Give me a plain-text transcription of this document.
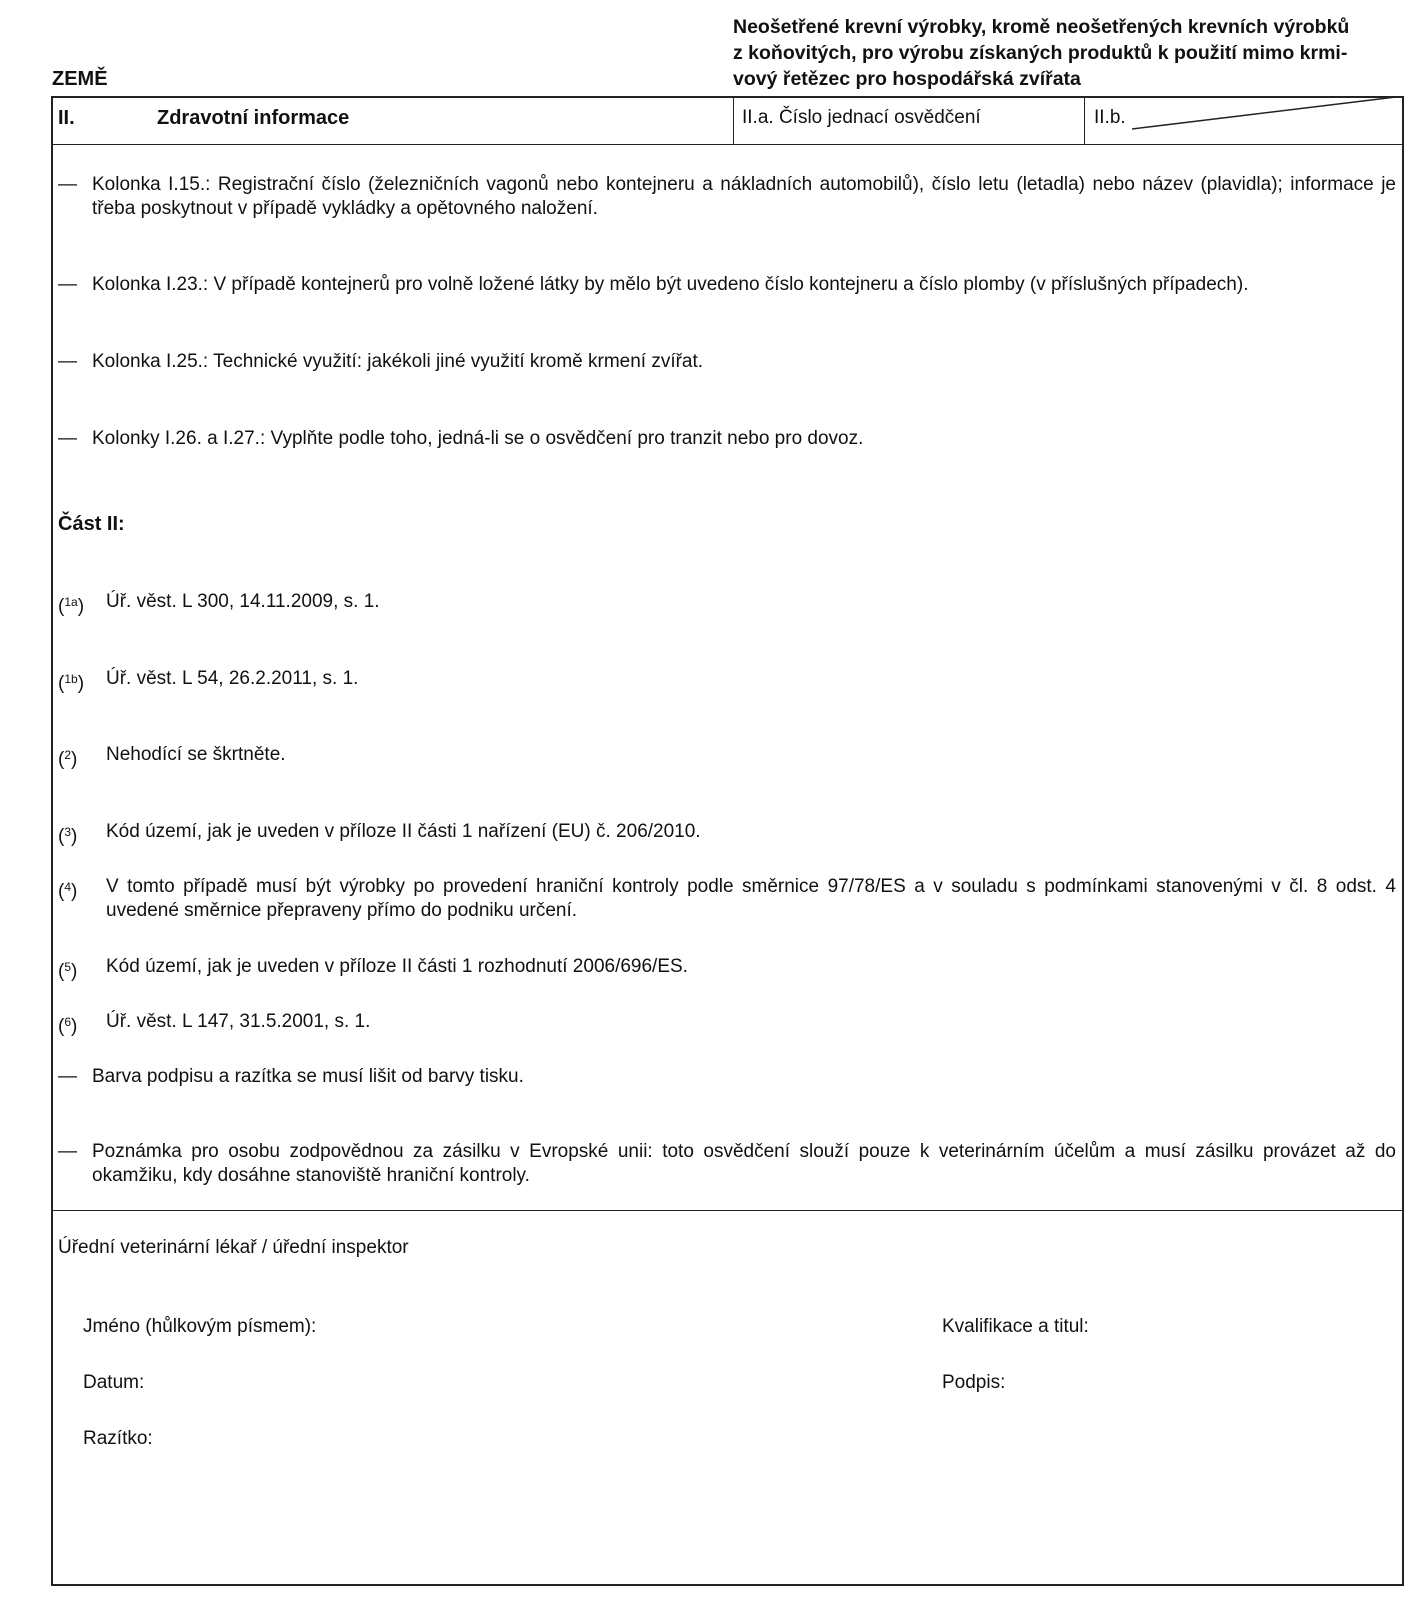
ZEMĚ
Neošetřené krevní výrobky, kromě neošetřených krevních výrobků
z koňovitých, pro výrobu získaných produktů k použití mimo krmi-
vový řetězec pro hospodářská zvířata
II.	Zdravotní informace	II.a. Číslo jednací osvědčení	II.b.
— Kolonka I.15.: Registrační číslo (železničních vagonů nebo kontejneru a nákladních automobilů), číslo letu (letadla) nebo název (plavidla); informace je třeba poskytnout v případě vykládky a opětovného naložení.
— Kolonka I.23.: V případě kontejnerů pro volně ložené látky by mělo být uvedeno číslo kontejneru a číslo plomby (v příslušných případech).
— Kolonka I.25.: Technické využití: jakékoli jiné využití kromě krmení zvířat.
— Kolonky I.26. a I.27.: Vyplňte podle toho, jedná-li se o osvědčení pro tranzit nebo pro dovoz.
Část II:
($^{1a}$) Úř. věst. L 300, 14.11.2009, s. 1.
($^{1b}$) Úř. věst. L 54, 26.2.2011, s. 1.
($^2$) Nehodící se škrtněte.
($^3$) Kód území, jak je uveden v příloze II části 1 nařízení (EU) č. 206/2010.
($^4$) V tomto případě musí být výrobky po provedení hraniční kontroly podle směrnice 97/78/ES a v souladu s podmínkami stanovenými v čl. 8 odst. 4 uvedené směrnice přepraveny přímo do podniku určení.
($^5$) Kód území, jak je uveden v příloze II části 1 rozhodnutí 2006/696/ES.
($^6$) Úř. věst. L 147, 31.5.2001, s. 1.
— Barva podpisu a razítka se musí lišit od barvy tisku.
— Poznámka pro osobu zodpovědnou za zásilku v Evropské unii: toto osvědčení slouží pouze k veterinárním účelům a musí zásilku provázet až do okamžiku, kdy dosáhne stanoviště hraniční kontroly.
Úřední veterinární lékař / úřední inspektor
Jméno (hůlkovým písmem):	Kvalifikace a titul:
Datum:	Podpis:
Razítko:
